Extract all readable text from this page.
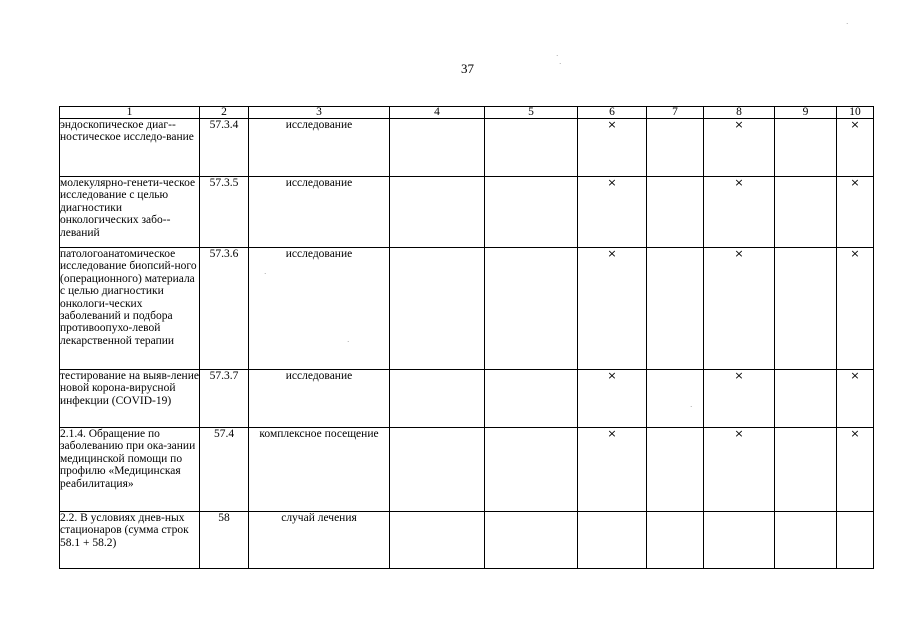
37
1	2	3	4	5	6	7	8	9	10
эндоскопическое диаг-ностическое исследо-вание	57.3.4	исследование			×		×		×
молекулярно-генети-ческое исследование с целью диагностики онкологических забо-леваний	57.3.5	исследование			×		×		×
патологоанатомическое исследование биопсий-ного (операционного) материала с целью диагностики онкологи-ческих заболеваний и подбора противоопухо-левой лекарственной терапии	57.3.6	исследование			×		×		×
тестирование на выяв-ление новой корона-вирусной инфекции (COVID-19)	57.3.7	исследование			×		×		×
2.1.4. Обращение по заболеванию при ока-зании медицинской помощи по профилю «Медицинская реабилитация»	57.4	комплексное посещение			×		×		×
2.2. В условиях днев-ных стационаров (сумма строк 58.1 + 58.2)	58	случай лечения							
·
·
·
·
·
·
